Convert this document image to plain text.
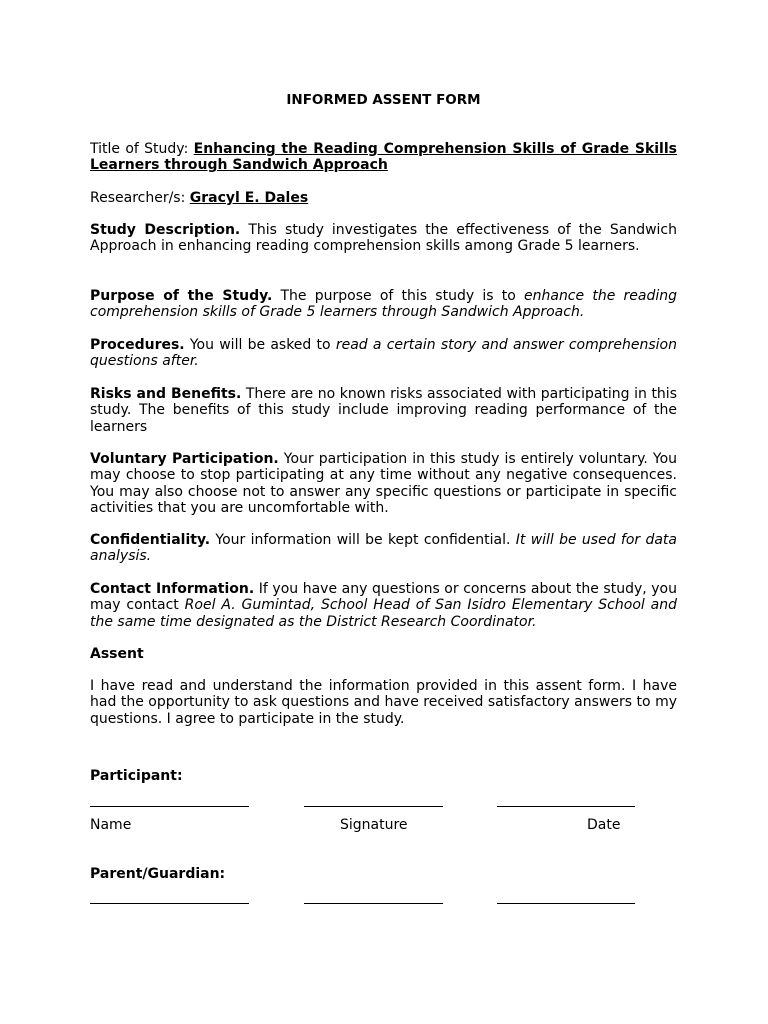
INFORMED ASSENT FORM

Title of Study: Enhancing the Reading Comprehension Skills of Grade Skills Learners through Sandwich Approach

Researcher/s: Gracyl E. Dales

Study Description. This study investigates the effectiveness of the Sandwich Approach in enhancing reading comprehension skills among Grade 5 learners.

Purpose of the Study. The purpose of this study is to enhance the reading comprehension skills of Grade 5 learners through Sandwich Approach.

Procedures. You will be asked to read a certain story and answer comprehension questions after.

Risks and Benefits. There are no known risks associated with participating in this study. The benefits of this study include improving reading performance of the learners

Voluntary Participation. Your participation in this study is entirely voluntary. You may choose to stop participating at any time without any negative consequences. You may also choose not to answer any specific questions or participate in specific activities that you are uncomfortable with.

Confidentiality. Your information will be kept confidential. It will be used for data analysis.

Contact Information. If you have any questions or concerns about the study, you may contact Roel A. Gumintad, School Head of San Isidro Elementary School and the same time designated as the District Research Coordinator.

Assent

I have read and understand the information provided in this assent form. I have had the opportunity to ask questions and have received satisfactory answers to my questions. I agree to participate in the study.

Participant:

Name	Signature	Date

Parent/Guardian:
